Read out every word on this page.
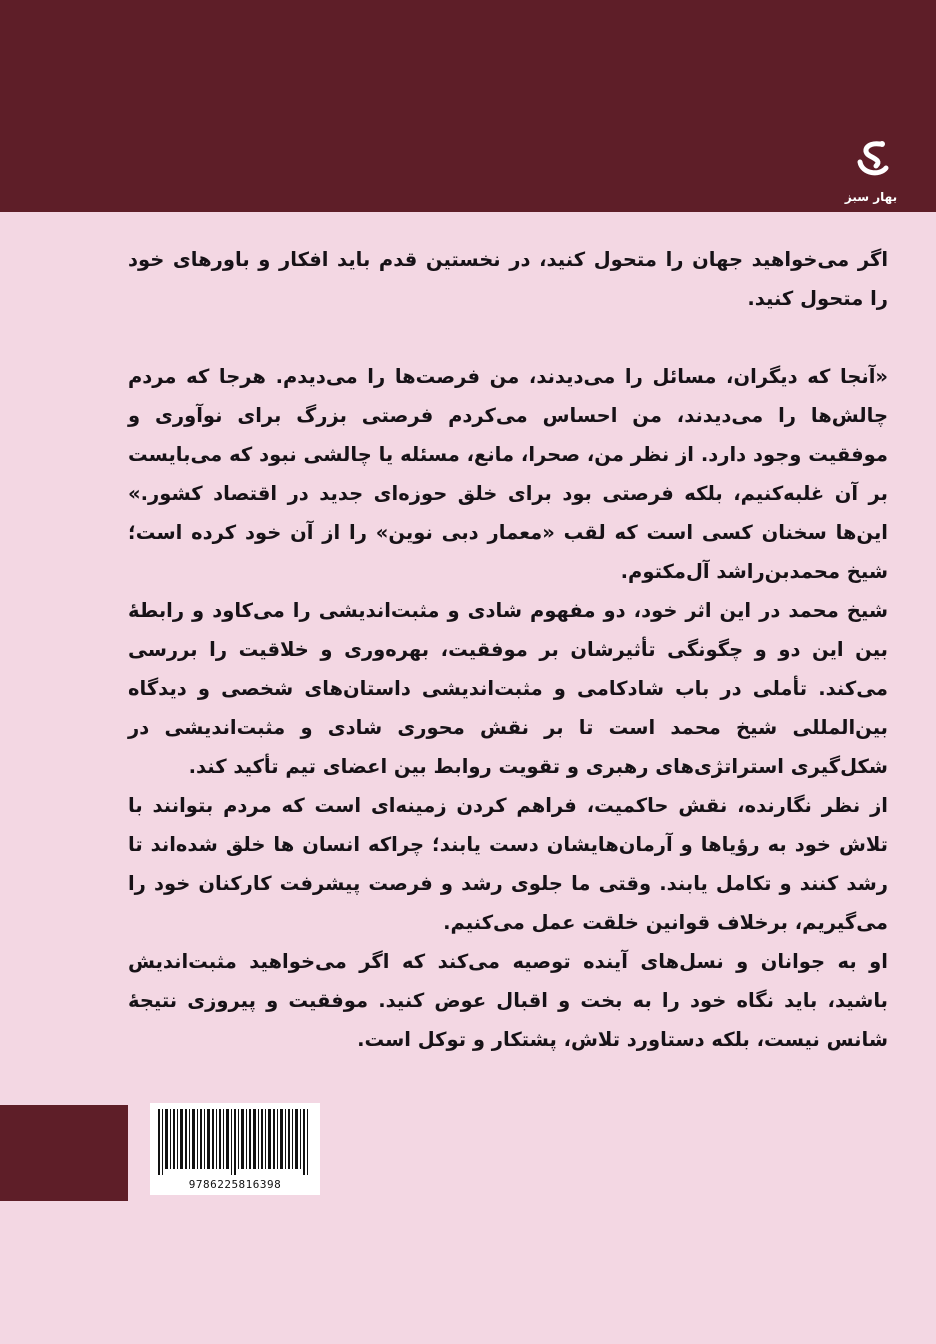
بهار سبز

اگر می‌خواهید جهان را متحول کنید، در نخستین قدم باید افکار و باورهای خود را متحول کنید.

«آنجا که دیگران، مسائل را می‌دیدند، من فرصت‌ها را می‌دیدم. هرجا که مردم چالش‌ها را می‌دیدند، من احساس می‌کردم فرصتی بزرگ برای نوآوری و موفقیت وجود دارد. از نظر من، صحرا، مانع، مسئله یا چالشی نبود که می‌بایست بر آن غلبه‌کنیم، بلکه فرصتی بود برای خلق حوزه‌ای جدید در اقتصاد کشور.» این‌ها سخنان کسی است که لقب «معمار دبی نوین» را از آن خود کرده است؛ شیخ محمدبن‌راشد آل‌مکتوم.

شیخ محمد در این اثر خود، دو مفهوم شادی و مثبت‌اندیشی را می‌کاود و رابطهٔ بین این دو و چگونگی تأثیرشان بر موفقیت، بهره‌وری و خلاقیت را بررسی می‌کند. تأملی در باب شادکامی و مثبت‌اندیشی داستان‌های شخصی و دیدگاه بین‌المللی شیخ محمد است تا بر نقش محوری شادی و مثبت‌اندیشی در شکل‌گیری استراتژی‌های رهبری و تقویت روابط بین اعضای تیم تأکید کند.

از نظر نگارنده، نقش حاکمیت، فراهم کردن زمینه‌ای است که مردم بتوانند با تلاش خود به رؤیاها و آرمان‌هایشان دست یابند؛ چراکه انسان ها خلق شده‌اند تا رشد کنند و تکامل یابند. وقتی ما جلوی رشد و فرصت پیشرفت کارکنان خود را می‌گیریم، برخلاف قوانین خلقت عمل می‌کنیم.

او به جوانان و نسل‌های آینده توصیه می‌کند که اگر می‌خواهید مثبت‌اندیش باشید، باید نگاه خود را به بخت و اقبال عوض کنید. موفقیت و پیروزی نتیجهٔ شانس نیست، بلکه دستاورد تلاش، پشتکار و توکل است.

9786225816398
